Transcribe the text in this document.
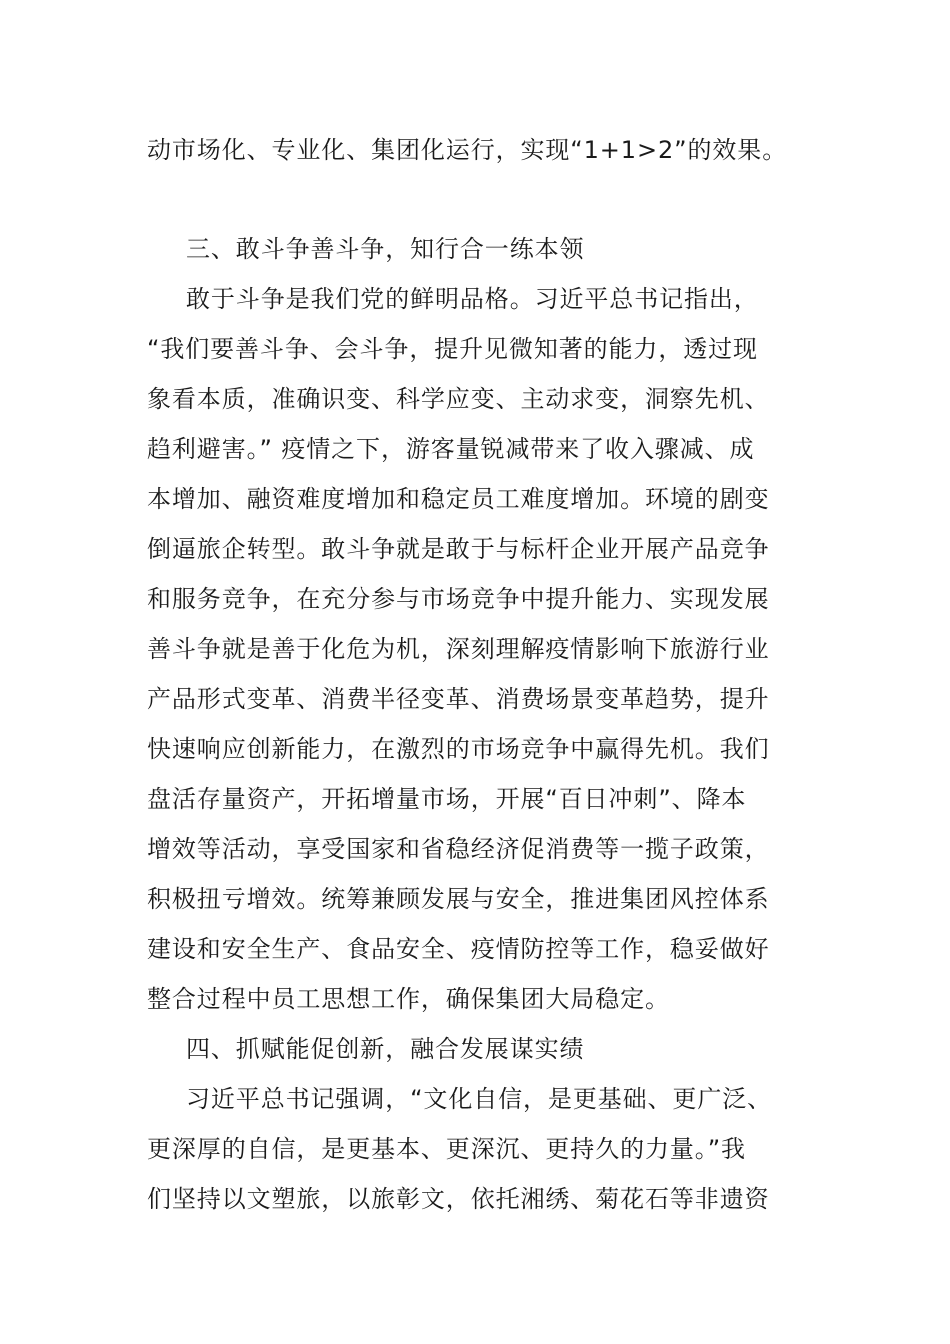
动市场化、专业化、集团化运行，实现“1+1>2”的效果。
三、敢斗争善斗争，知行合一练本领
敢于斗争是我们党的鲜明品格。习近平总书记指出，
“我们要善斗争、会斗争，提升见微知著的能力，透过现
象看本质，准确识变、科学应变、主动求变，洞察先机、
趋利避害。” 疫情之下，游客量锐减带来了收入骤减、成
本增加、融资难度增加和稳定员工难度增加。环境的剧变
倒逼旅企转型。敢斗争就是敢于与标杆企业开展产品竞争
和服务竞争，在充分参与市场竞争中提升能力、实现发展
善斗争就是善于化危为机，深刻理解疫情影响下旅游行业
产品形式变革、消费半径变革、消费场景变革趋势，提升
快速响应创新能力，在激烈的市场竞争中赢得先机。我们
盘活存量资产，开拓增量市场，开展“百日冲刺”、降本
增效等活动，享受国家和省稳经济促消费等一揽子政策，
积极扭亏增效。统筹兼顾发展与安全，推进集团风控体系
建设和安全生产、食品安全、疫情防控等工作，稳妥做好
整合过程中员工思想工作，确保集团大局稳定。
四、抓赋能促创新，融合发展谋实绩
习近平总书记强调，“文化自信，是更基础、更广泛、
更深厚的自信，是更基本、更深沉、更持久的力量。”我
们坚持以文塑旅，以旅彰文，依托湘绣、菊花石等非遗资
